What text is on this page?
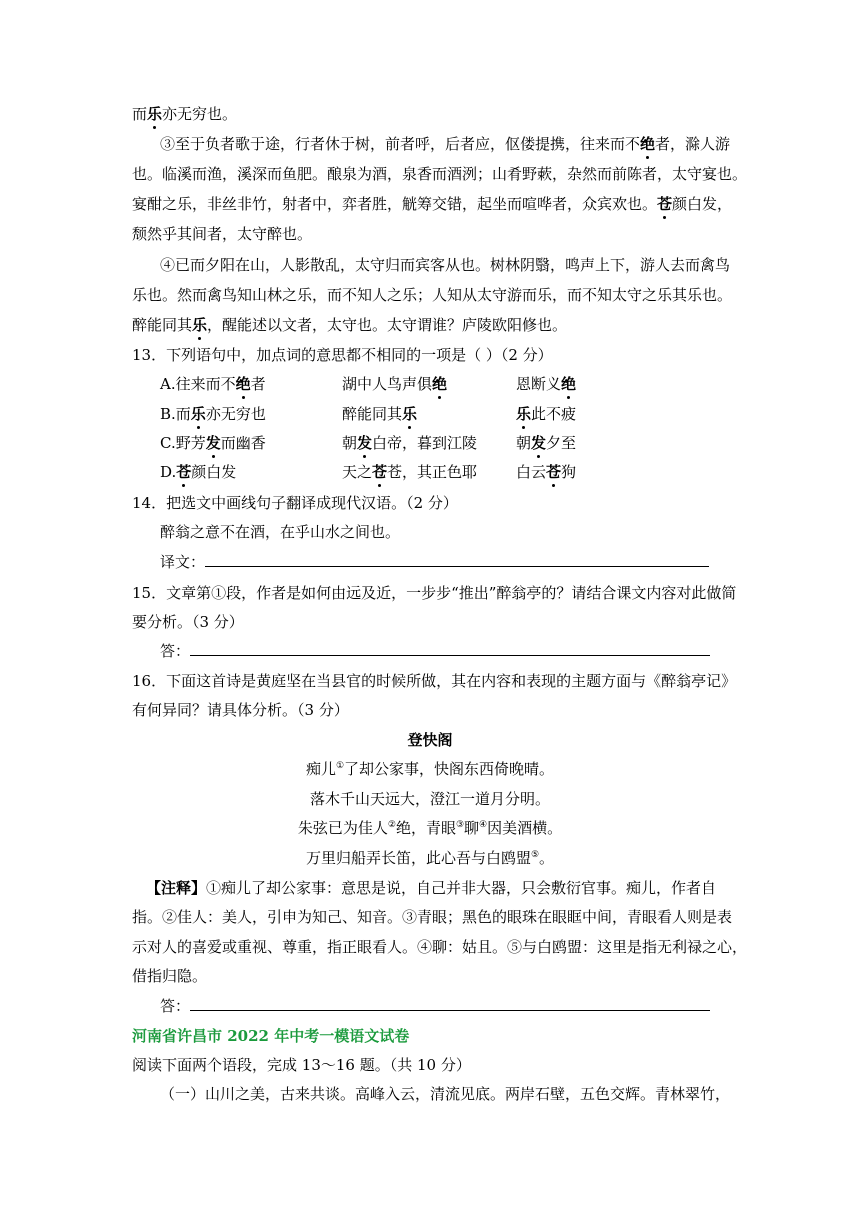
而乐亦无穷也。
③至于负者歌于途，行者休于树，前者呼，后者应，伛偻提携，往来而不绝者，滁人游
也。临溪而渔，溪深而鱼肥。酿泉为酒，泉香而酒洌；山肴野蔌，杂然而前陈者，太守宴也。
宴酣之乐，非丝非竹，射者中，弈者胜，觥筹交错，起坐而喧哗者，众宾欢也。苍颜白发，
颓然乎其间者，太守醉也。
④已而夕阳在山，人影散乱，太守归而宾客从也。树林阴翳，鸣声上下，游人去而禽鸟
乐也。然而禽鸟知山林之乐，而不知人之乐；人知从太守游而乐，而不知太守之乐其乐也。
醉能同其乐，醒能述以文者，太守也。太守谓谁？庐陵欧阳修也。
13．下列语句中，加点词的意思都不相同的一项是（ ）（2 分）
A.往来而不绝者	湖中人鸟声俱绝	恩断义绝
B.而乐亦无穷也	醉能同其乐	乐此不疲
C.野芳发而幽香	朝发白帝，暮到江陵	朝发夕至
D.苍颜白发	天之苍苍，其正色耶	白云苍狗
14．把选文中画线句子翻译成现代汉语。（2 分）
醉翁之意不在酒，在乎山水之间也。
译文：
15．文章第①段，作者是如何由远及近，一步步“推出”醉翁亭的？请结合课文内容对此做简
要分析。（3 分）
答：
16．下面这首诗是黄庭坚在当县官的时候所做，其在内容和表现的主题方面与《醉翁亭记》
有何异同？请具体分析。（3 分）
登快阁
痴儿①了却公家事，快阁东西倚晚晴。
落木千山天远大，澄江一道月分明。
朱弦已为佳人②绝，青眼③聊④因美酒横。
万里归船弄长笛，此心吾与白鸥盟⑤。
【注释】①痴儿了却公家事：意思是说，自己并非大器，只会敷衍官事。痴儿，作者自
指。②佳人：美人，引申为知己、知音。③青眼；黑色的眼珠在眼眶中间，青眼看人则是表
示对人的喜爱或重视、尊重，指正眼看人。④聊：姑且。⑤与白鸥盟：这里是指无利禄之心，
借指归隐。
答：
河南省许昌市 2022 年中考一模语文试卷
阅读下面两个语段，完成 13～16 题。（共 10 分）
（一）山川之美，古来共谈。高峰入云，清流见底。两岸石壁，五色交辉。青林翠竹，
